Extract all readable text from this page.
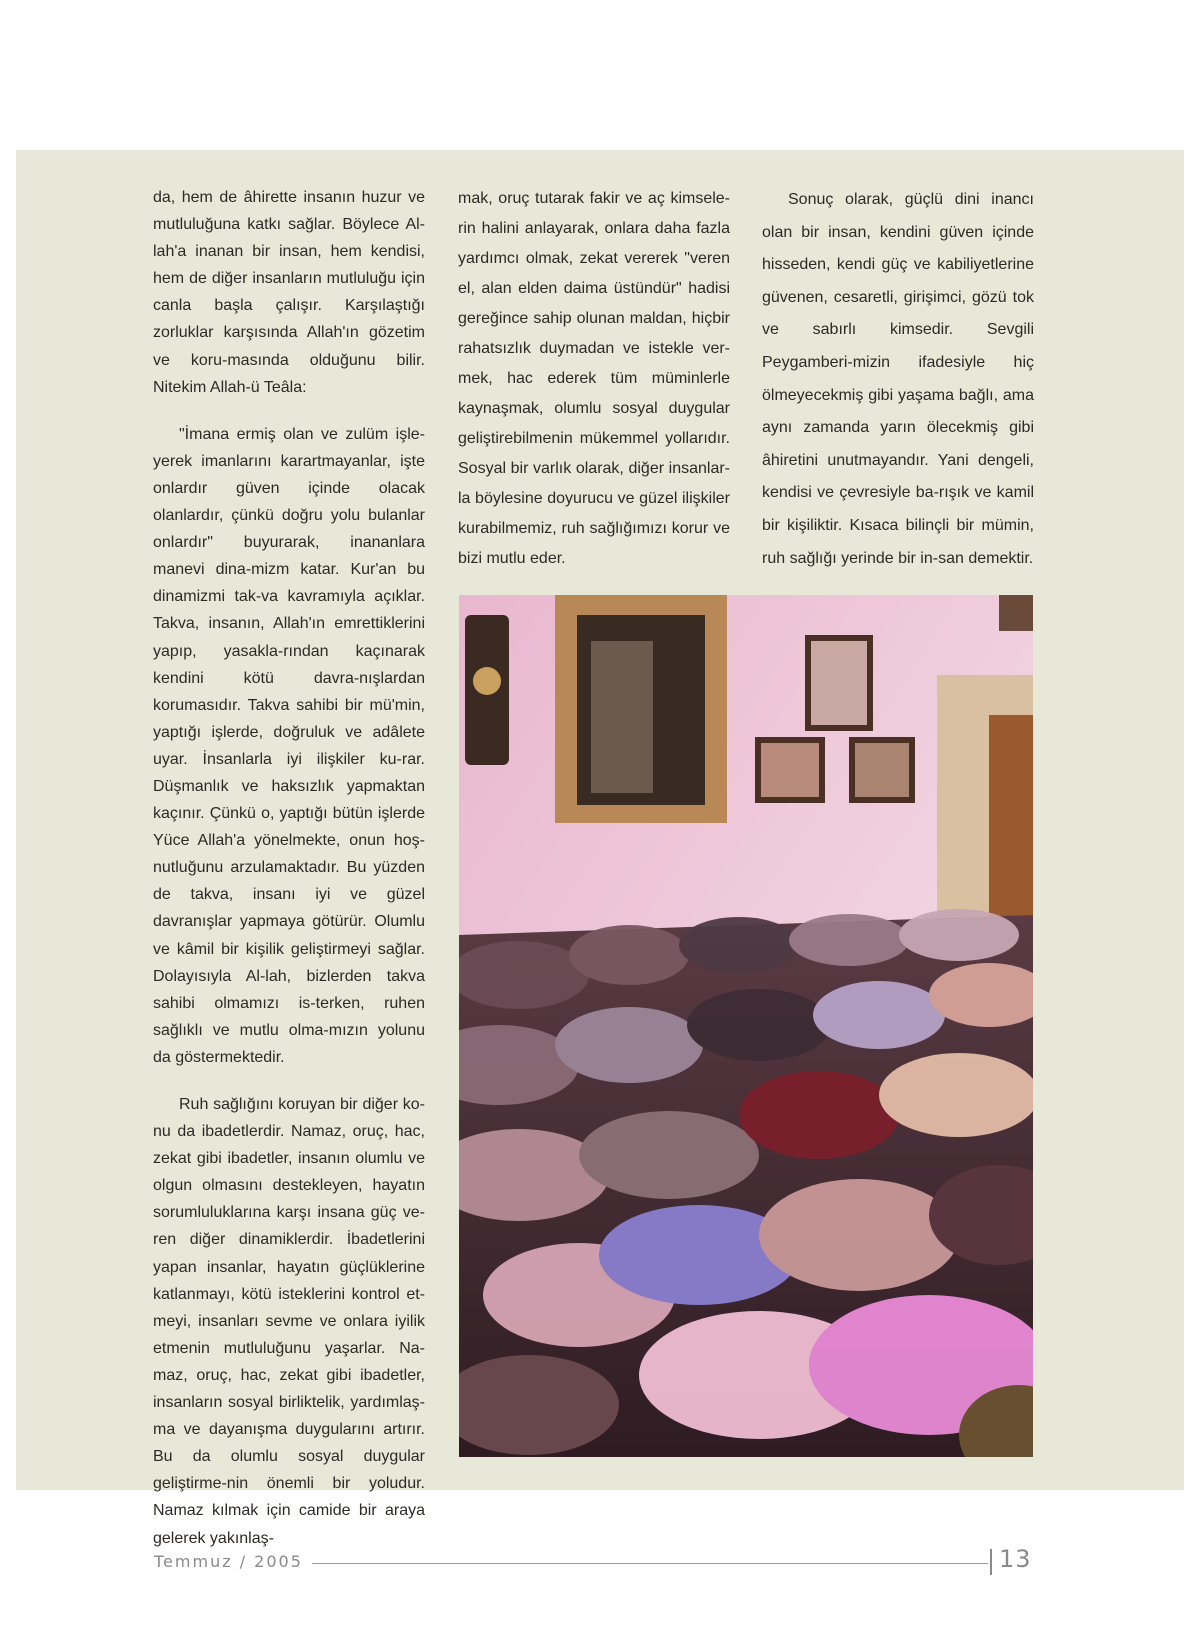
da, hem de âhirette insanın huzur ve mutluluğuna katkı sağlar. Böylece Al-lah'a inanan bir insan, hem kendisi, hem de diğer insanların mutluluğu için canla başla çalışır. Karşılaştığı zorluklar karşısında Allah'ın gözetim ve koru-masında olduğunu bilir. Nitekim Allah-ü Teâla:

"İmana ermiş olan ve zulüm işle-yerek imanlarını karartmayanlar, işte onlardır güven içinde olacak olanlardır, çünkü doğru yolu bulanlar onlardır" buyurarak, inananlara manevi dina-mizm katar. Kur'an bu dinamizmi tak-va kavramıyla açıklar. Takva, insanın, Allah'ın emrettiklerini yapıp, yasakla-rından kaçınarak kendini kötü davra-nışlardan korumasıdır. Takva sahibi bir mü'min, yaptığı işlerde, doğruluk ve adâlete uyar. İnsanlarla iyi ilişkiler ku-rar. Düşmanlık ve haksızlık yapmaktan kaçınır. Çünkü o, yaptığı bütün işlerde Yüce Allah'a yönelmekte, onun hoş-nutluğunu arzulamaktadır. Bu yüzden de takva, insanı iyi ve güzel davranışlar yapmaya götürür. Olumlu ve kâmil bir kişilik geliştirmeyi sağlar. Dolayısıyla Al-lah, bizlerden takva sahibi olmamızı is-terken, ruhen sağlıklı ve mutlu olma-mızın yolunu da göstermektedir.

Ruh sağlığını koruyan bir diğer ko-nu da ibadetlerdir. Namaz, oruç, hac, zekat gibi ibadetler, insanın olumlu ve olgun olmasını destekleyen, hayatın sorumluluklarına karşı insana güç ve-ren diğer dinamiklerdir. İbadetlerini yapan insanlar, hayatın güçlüklerine katlanmayı, kötü isteklerini kontrol et-meyi, insanları sevme ve onlara iyilik etmenin mutluluğunu yaşarlar. Na-maz, oruç, hac, zekat gibi ibadetler, insanların sosyal birliktelik, yardımlaş-ma ve dayanışma duygularını artırır. Bu da olumlu sosyal duygular geliştirme-nin önemli bir yoludur. Namaz kılmak için camide bir araya gelerek yakınlaş-

mak, oruç tutarak fakir ve aç kimsele-rin halini anlayarak, onlara daha fazla yardımcı olmak, zekat vererek "veren el, alan elden daima üstündür" hadisi gereğince sahip olunan maldan, hiçbir rahatsızlık duymadan ve istekle ver-mek, hac ederek tüm müminlerle kaynaşmak, olumlu sosyal duygular geliştirebilmenin mükemmel yollarıdır. Sosyal bir varlık olarak, diğer insanlar-la böylesine doyurucu ve güzel ilişkiler kurabilmemiz, ruh sağlığımızı korur ve bizi mutlu eder.

Sonuç olarak, güçlü dini inancı olan bir insan, kendini güven içinde hisseden, kendi güç ve kabiliyetlerine güvenen, cesaretli, girişimci, gözü tok ve sabırlı kimsedir. Sevgili Peygamberi-mizin ifadesiyle hiç ölmeyecekmiş gibi yaşama bağlı, ama aynı zamanda yarın ölecekmiş gibi âhiretini unutmayandır. Yani dengeli, kendisi ve çevresiyle ba-rışık ve kamil bir kişiliktir. Kısaca bilinçli bir mümin, ruh sağlığı yerinde bir in-san demektir.

Temmuz / 2005	13
